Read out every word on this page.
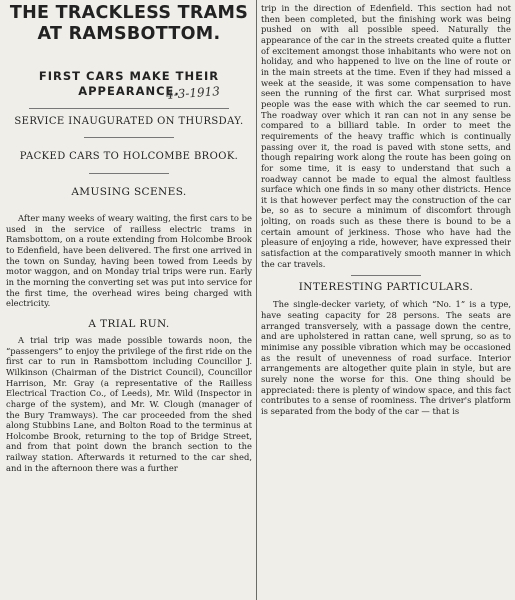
THE TRACKLESS TRAMS AT RAMSBOTTOM.
FIRST CARS MAKE THEIR APPEARANCE.
SERVICE INAUGURATED ON THURSDAY.
PACKED CARS TO HOLCOMBE BROOK.
AMUSING SCENES.

After many weeks of weary waiting, the first cars to be used in the service of railless electric trams in Ramsbottom, on a route extending from Holcombe Brook to Edenfield, have been delivered. The first one arrived in the town on Sunday, having been towed from Leeds by motor waggon, and on Monday trial trips were run. Early in the morning the converting set was put into service for the first time, the overhead wires being charged with electricity.

A TRIAL RUN.

A trial trip was made possible towards noon, the “passengers” to enjoy the privilege of the first ride on the first car to run in Ramsbottom including Councillor J. Wilkinson (Chairman of the District Council), Councillor Harrison, Mr. Gray (a representative of the Railless Electrical Traction Co., of Leeds), Mr. Wild (Inspector in charge of the system), and Mr. W. Clough (manager of the Bury Tramways). The car proceeded from the shed along Stubbins Lane, and Bolton Road to the terminus at Holcombe Brook, returning to the top of Bridge Street, and from that point down the branch section to the railway station. Afterwards it returned to the car shed, and in the afternoon there was a further

4-3-1913

trip in the direction of Edenfield. This section had not then been completed, but the finishing work was being pushed on with all possible speed. Naturally the appearance of the car in the streets created quite a flutter of excitement amongst those inhabitants who were not on holiday, and who happened to live on the line of route or in the main streets at the time. Even if they had missed a week at the seaside, it was some compensation to have seen the running of the first car. What surprised most people was the ease with which the car seemed to run. The roadway over which it ran can not in any sense be compared to a billiard table. In order to meet the requirements of the heavy traffic which is continually passing over it, the road is paved with stone setts, and though repairing work along the route has been going on for some time, it is easy to understand that such a roadway cannot be made to equal the almost faultless surface which one finds in so many other districts. Hence it is that however perfect may the construction of the car be, so as to secure a minimum of discomfort through jolting, on roads such as these there is bound to be a certain amount of jerkiness. Those who have had the pleasure of enjoying a ride, however, have expressed their satisfaction at the comparatively smooth manner in which the car travels.

INTERESTING PARTICULARS.

The single-decker variety, of which “No. 1” is a type, have seating capacity for 28 persons. The seats are arranged transversely, with a passage down the centre, and are upholstered in rattan cane, well sprung, so as to minimise any possible vibration which may be occasioned as the result of unevenness of road surface. Interior arrangements are altogether quite plain in style, but are surely none the worse for this. One thing should be appreciated: there is plenty of window space, and this fact contributes to a sense of roominess. The driver's platform is separated from the body of the car — that is
